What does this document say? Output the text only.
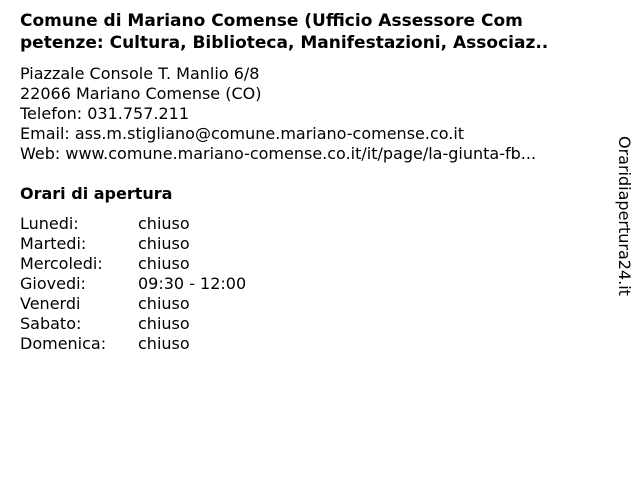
Comune di Mariano Comense (Ufficio Assessore Com
petenze: Cultura, Biblioteca, Manifestazioni, Associaz..
Piazzale Console T. Manlio 6/8
22066 Mariano Comense (CO)
Telefon: 031.757.211
Email: ass.m.stigliano@comune.mariano-comense.co.it
Web: www.comune.mariano-comense.co.it/it/page/la-giunta-fb...
Orari di apertura
Lunedi:	chiuso
Martedi:	chiuso
Mercoledi:	chiuso
Giovedi:	09:30 - 12:00
Venerdi	chiuso
Sabato:	chiuso
Domenica:	chiuso
Oraridiapertura24.it
